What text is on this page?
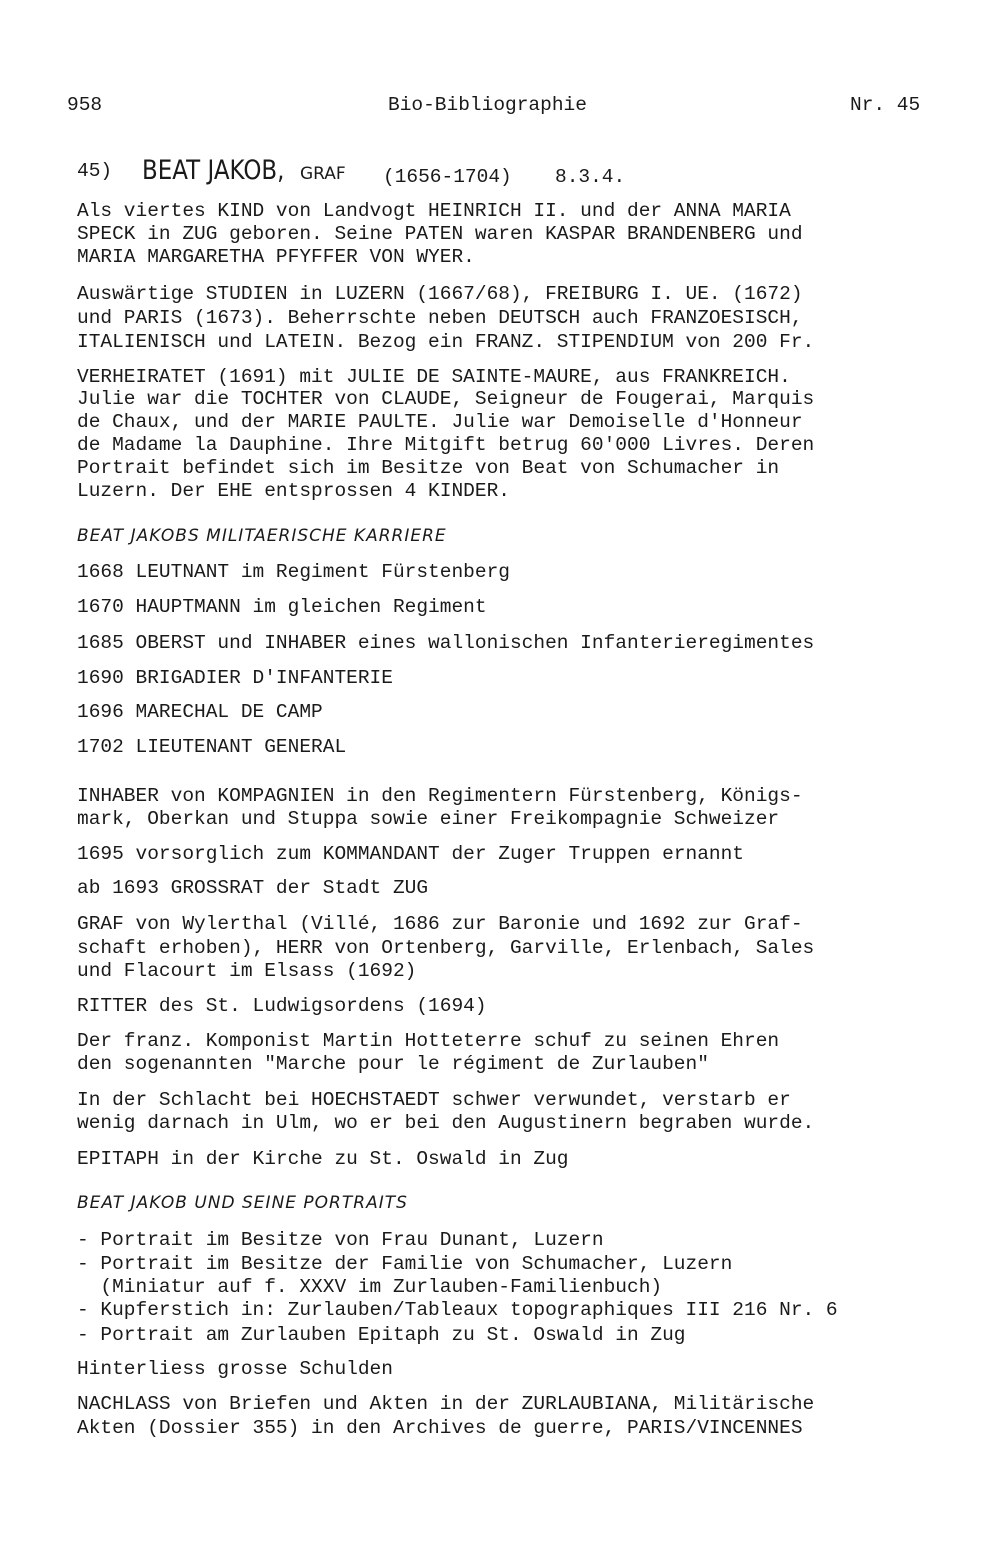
958	Bio-Bibliographie	Nr. 45
45) BEAT JAKOB, GRAF (1656-1704) 8.3.4.
Als viertes KIND von Landvogt HEINRICH II. und der ANNA MARIA
SPECK in ZUG geboren. Seine PATEN waren KASPAR BRANDENBERG und
MARIA MARGARETHA PFYFFER VON WYER.
Auswärtige STUDIEN in LUZERN (1667/68), FREIBURG I. UE. (1672)
und PARIS (1673). Beherrschte neben DEUTSCH auch FRANZOESISCH,
ITALIENISCH und LATEIN. Bezog ein FRANZ. STIPENDIUM von 200 Fr.
VERHEIRATET (1691) mit JULIE DE SAINTE-MAURE, aus FRANKREICH.
Julie war die TOCHTER von CLAUDE, Seigneur de Fougerai, Marquis
de Chaux, und der MARIE PAULTE. Julie war Demoiselle d'Honneur
de Madame la Dauphine. Ihre Mitgift betrug 60'000 Livres. Deren
Portrait befindet sich im Besitze von Beat von Schumacher in
Luzern. Der EHE entsprossen 4 KINDER.
BEAT JAKOBS MILITAERISCHE KARRIERE
1668 LEUTNANT im Regiment Fürstenberg
1670 HAUPTMANN im gleichen Regiment
1685 OBERST und INHABER eines wallonischen Infanterieregimentes
1690 BRIGADIER D'INFANTERIE
1696 MARECHAL DE CAMP
1702 LIEUTENANT GENERAL
INHABER von KOMPAGNIEN in den Regimentern Fürstenberg, Königs-
mark, Oberkan und Stuppa sowie einer Freikompagnie Schweizer
1695 vorsorglich zum KOMMANDANT der Zuger Truppen ernannt
ab 1693 GROSSRAT der Stadt ZUG
GRAF von Wylerthal (Villé, 1686 zur Baronie und 1692 zur Graf-
schaft erhoben), HERR von Ortenberg, Garville, Erlenbach, Sales
und Flacourt im Elsass (1692)
RITTER des St. Ludwigsordens (1694)
Der franz. Komponist Martin Hotteterre schuf zu seinen Ehren
den sogenannten "Marche pour le régiment de Zurlauben"
In der Schlacht bei HOECHSTAEDT schwer verwundet, verstarb er
wenig darnach in Ulm, wo er bei den Augustinern begraben wurde.
EPITAPH in der Kirche zu St. Oswald in Zug
BEAT JAKOB UND SEINE PORTRAITS
- Portrait im Besitze von Frau Dunant, Luzern
- Portrait im Besitze der Familie von Schumacher, Luzern
(Miniatur auf f. XXXV im Zurlauben-Familienbuch)
- Kupferstich in: Zurlauben/Tableaux topographiques III 216 Nr. 6
- Portrait am Zurlauben Epitaph zu St. Oswald in Zug
Hinterliess grosse Schulden
NACHLASS von Briefen und Akten in der ZURLAUBIANA, Militärische
Akten (Dossier 355) in den Archives de guerre, PARIS/VINCENNES
